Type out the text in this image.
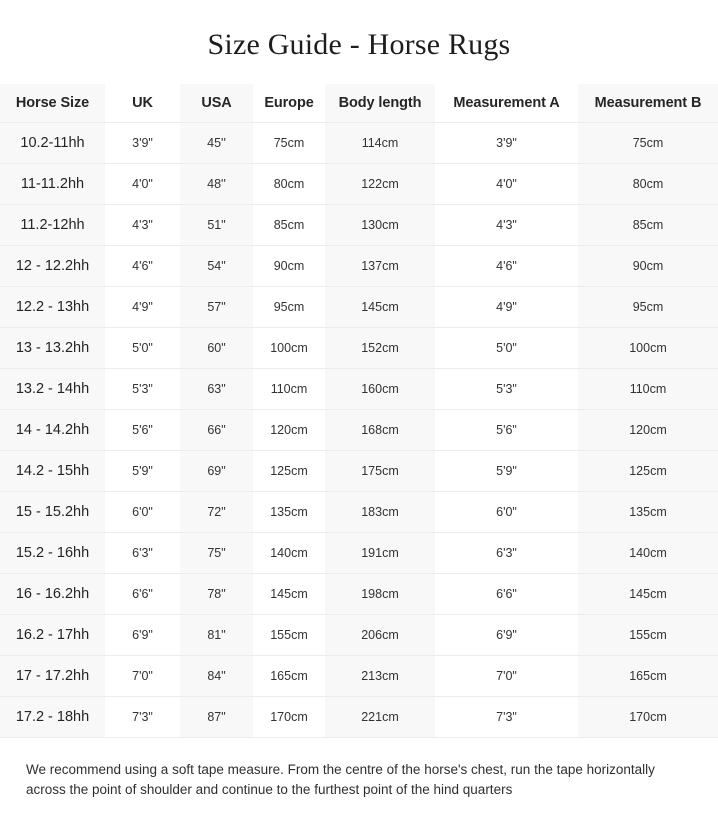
Size Guide - Horse Rugs
Horse Size	UK	USA	Europe	Body length	Measurement A	Measurement B
10.2-11hh	3'9"	45''	75cm	114cm	3'9"	75cm
11-11.2hh	4'0"	48''	80cm	122cm	4'0"	80cm
11.2-12hh	4'3"	51"	85cm	130cm	4'3"	85cm
12 - 12.2hh	4'6"	54"	90cm	137cm	4'6"	90cm
12.2 - 13hh	4'9"	57"	95cm	145cm	4'9"	95cm
13 - 13.2hh	5'0"	60"	100cm	152cm	5'0"	100cm
13.2 - 14hh	5'3"	63"	110cm	160cm	5'3"	110cm
14 - 14.2hh	5'6"	66"	120cm	168cm	5'6"	120cm
14.2 - 15hh	5'9"	69"	125cm	175cm	5'9"	125cm
15 - 15.2hh	6'0"	72"	135cm	183cm	6'0"	135cm
15.2 - 16hh	6'3"	75"	140cm	191cm	6'3"	140cm
16 - 16.2hh	6'6"	78"	145cm	198cm	6'6"	145cm
16.2 - 17hh	6'9"	81"	155cm	206cm	6'9"	155cm
17 - 17.2hh	7'0"	84"	165cm	213cm	7'0"	165cm
17.2 - 18hh	7'3"	87"	170cm	221cm	7'3"	170cm

We recommend using a soft tape measure. From the centre of the horse's chest, run the tape horizontally across the point of shoulder and continue to the furthest point of the hind quarters
